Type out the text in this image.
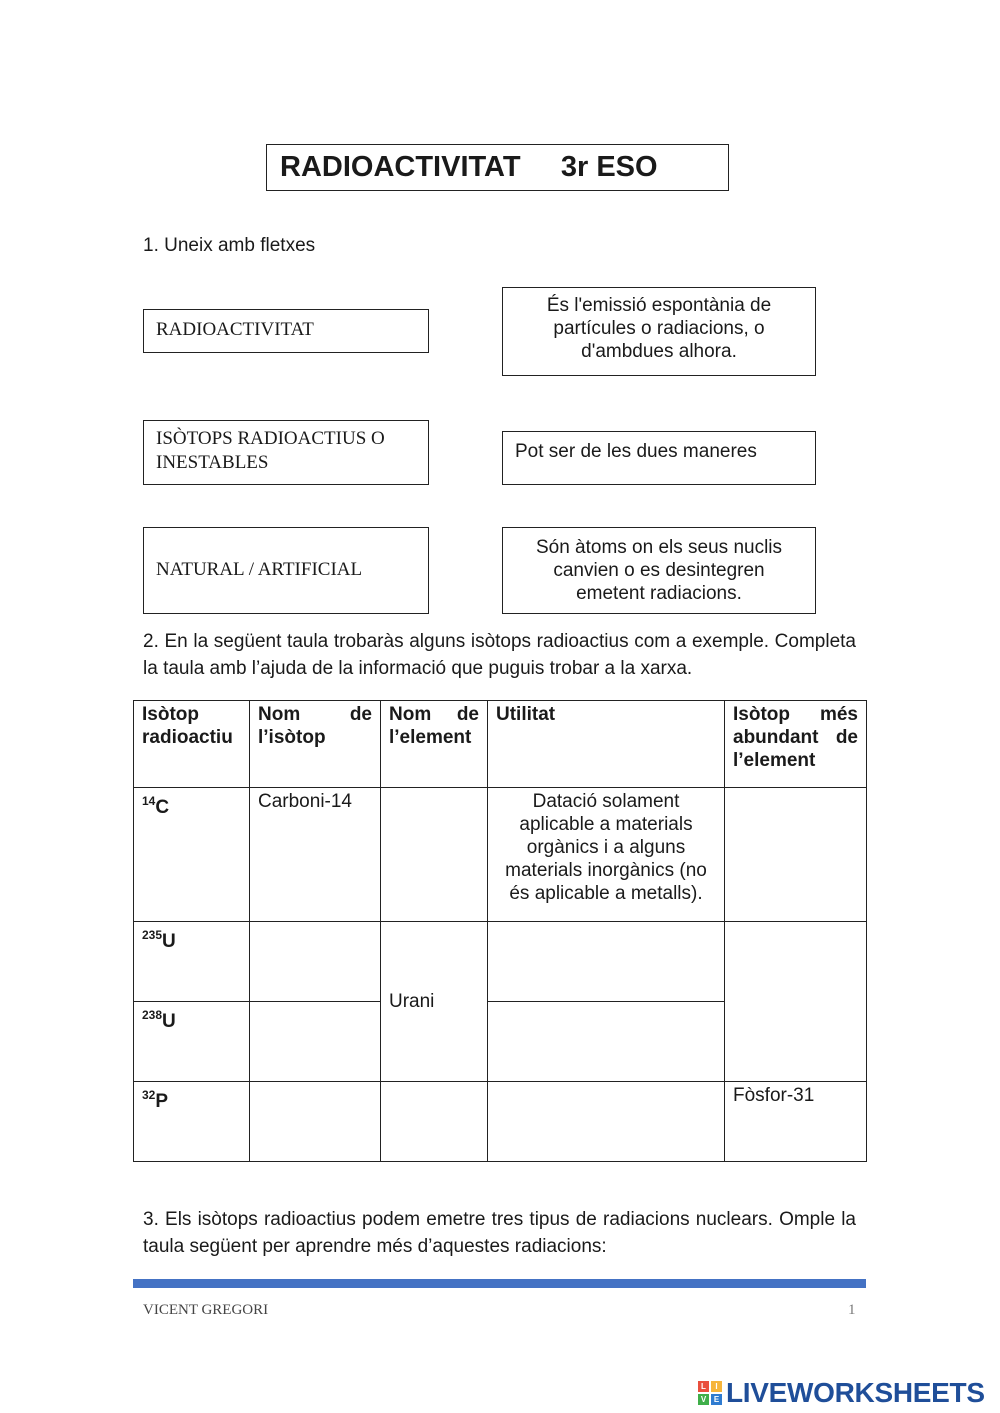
RADIOACTIVITAT     3r ESO
1. Uneix amb fletxes
RADIOACTIVITAT
ISÒTOPS RADIOACTIUS O INESTABLES
NATURAL / ARTIFICIAL
És l'emissió espontània de partícules o radiacions, o d'ambdues alhora.
Pot ser de les dues maneres
Són àtoms on els seus nuclis canvien o es desintegren emetent radiacions.
2. En la següent taula trobaràs alguns isòtops radioactius com a exemple. Completa la taula amb l’ajuda de la informació que puguis trobar a la xarxa.
Isòtop radioactiu	Nom de l’isòtop	Nom de l’element	Utilitat	Isòtop més abundant de l’element
$^{14}$C	Carboni-14		Datació solament aplicable a materials orgànics i a alguns materials inorgànics (no és aplicable a metalls).	
$^{235}$U		Urani		
$^{238}$U				
$^{32}$P				Fòsfor-31
3. Els isòtops radioactius podem emetre tres tipus de radiacions nuclears. Omple la taula següent per aprendre més d’aquestes radiacions:
VICENT GREGORI	1
L	I
V E LIVEWORKSHEETS
